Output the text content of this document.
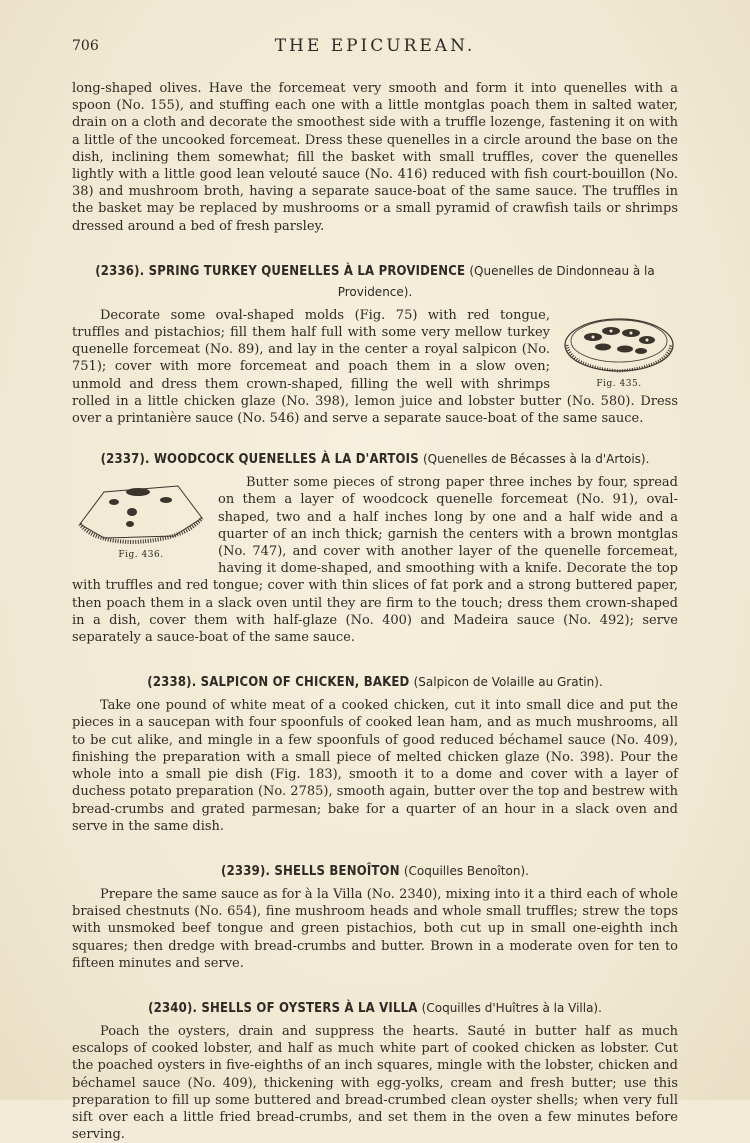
706	THE EPICUREAN.

long-shaped olives. Have the forcemeat very smooth and form it into quenelles with a spoon (No. 155), and stuffing each one with a little montglas poach them in salted water, drain on a cloth and decorate the smoothest side with a truffle lozenge, fastening it on with a little of the uncooked forcemeat. Dress these quenelles in a circle around the base on the dish, inclining them somewhat; fill the basket with small truffles, cover the quenelles lightly with a little good lean velouté sauce (No. 416) reduced with fish court-bouillon (No. 38) and mushroom broth, having a separate sauce-boat of the same sauce. The truffles in the basket may be replaced by mushrooms or a small pyramid of crawfish tails or shrimps dressed around a bed of fresh parsley.

(2336). SPRING TURKEY QUENELLES À LA PROVIDENCE (Quenelles de Dindonneau à la Providence).
Fig. 435.

Decorate some oval-shaped molds (Fig. 75) with red tongue, truffles and pistachios; fill them half full with some very mellow turkey quenelle forcemeat (No. 89), and lay in the center a royal salpicon (No. 751); cover with more forcemeat and poach them in a slow oven; unmold and dress them crown-shaped, filling the well with shrimps rolled in a little chicken glaze (No. 398), lemon juice and lobster butter (No. 580). Dress over a printanière sauce (No. 546) and serve a separate sauce-boat of the same sauce.

(2337). WOODCOCK QUENELLES À LA D'ARTOIS (Quenelles de Bécasses à la d'Artois).
Fig. 436.

Butter some pieces of strong paper three inches by four, spread on them a layer of woodcock quenelle forcemeat (No. 91), oval-shaped, two and a half inches long by one and a half wide and a quarter of an inch thick; garnish the centers with a brown montglas (No. 747), and cover with another layer of the quenelle forcemeat, having it dome-shaped, and smoothing with a knife. Decorate the top with truffles and red tongue; cover with thin slices of fat pork and a strong buttered paper, then poach them in a slack oven until they are firm to the touch; dress them crown-shaped in a dish, cover them with half-glaze (No. 400) and Madeira sauce (No. 492); serve separately a sauce-boat of the same sauce.

(2338). SALPICON OF CHICKEN, BAKED (Salpicon de Volaille au Gratin).

Take one pound of white meat of a cooked chicken, cut it into small dice and put the pieces in a saucepan with four spoonfuls of cooked lean ham, and as much mushrooms, all to be cut alike, and mingle in a few spoonfuls of good reduced béchamel sauce (No. 409), finishing the preparation with a small piece of melted chicken glaze (No. 398). Pour the whole into a small pie dish (Fig. 183), smooth it to a dome and cover with a layer of duchess potato preparation (No. 2785), smooth again, butter over the top and bestrew with bread-crumbs and grated parmesan; bake for a quarter of an hour in a slack oven and serve in the same dish.

(2339). SHELLS BENOÎTON (Coquilles Benoîton).

Prepare the same sauce as for à la Villa (No. 2340), mixing into it a third each of whole braised chestnuts (No. 654), fine mushroom heads and whole small truffles; strew the tops with unsmoked beef tongue and green pistachios, both cut up in small one-eighth inch squares; then dredge with bread-crumbs and butter. Brown in a moderate oven for ten to fifteen minutes and serve.

(2340). SHELLS OF OYSTERS À LA VILLA (Coquilles d'Huîtres à la Villa).

Poach the oysters, drain and suppress the hearts. Sauté in butter half as much escalops of cooked lobster, and half as much white part of cooked chicken as lobster. Cut the poached oysters in five-eighths of an inch squares, mingle with the lobster, chicken and béchamel sauce (No. 409), thickening with egg-yolks, cream and fresh butter; use this preparation to fill up some buttered and bread-crumbed clean oyster shells; when very full sift over each a little fried bread-crumbs, and set them in the oven a few minutes before serving.
